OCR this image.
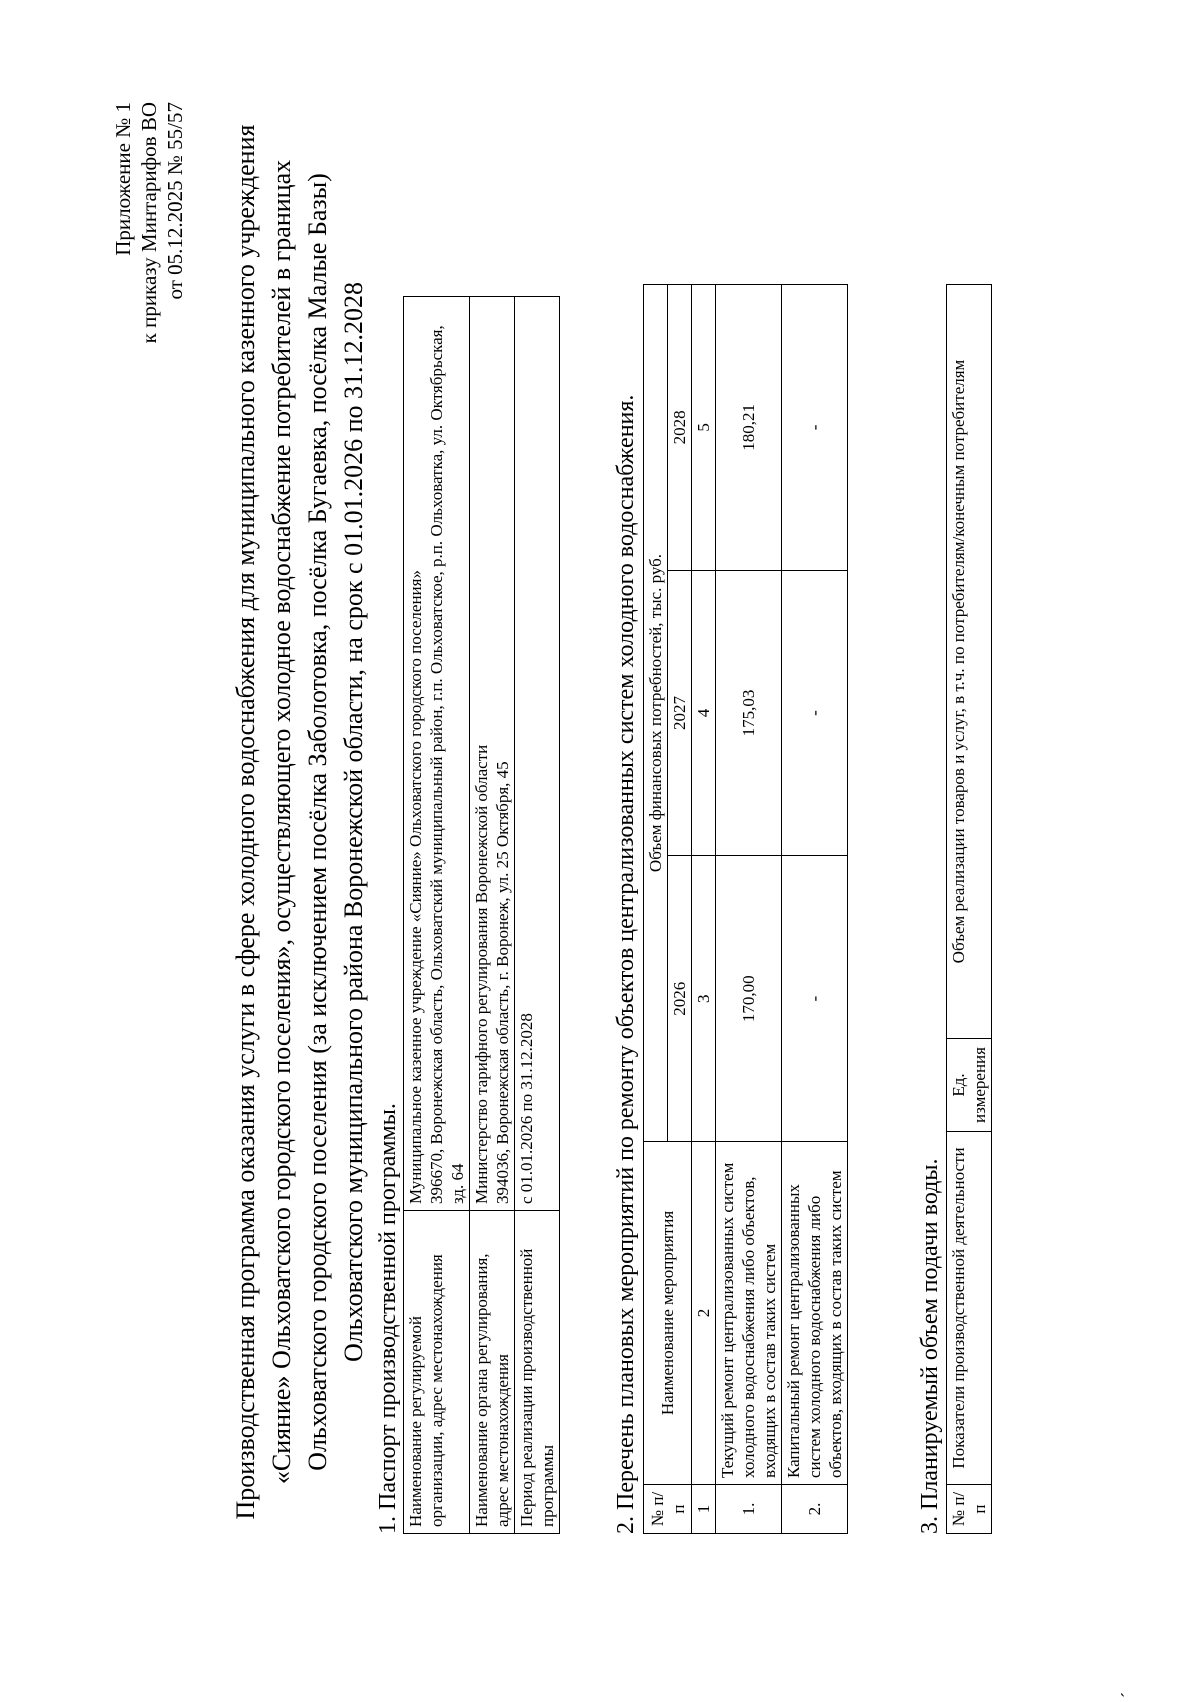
´
Приложение № 1 к приказу Минтарифов ВО от 05.12.2025 № 55/57 Производственная программа оказания услуги в сфере холодного водоснабжения для муниципального казенного учреждения «Сияние» Ольховатского городского поселения», осуществляющего холодное водоснабжение потребителей в границах Ольховатского городского поселения (за исключением посёлка Заболотовка, посёлка Бугаевка, посёлка Малые Базы) Ольховатского муниципального района Воронежской области, на срок с 01.01.2026 по 31.12.2028 1. Паспорт производственной программы. Наименование регулируемой организации, адрес местонахождения	Муниципальное казенное учреждение «Сияние» Ольховатского городского поселения» 396670, Воронежская область, Ольховатский муниципальный район, г.п. Ольховатское, р.п. Ольховатка, ул. Октябрьская, зд. 64

Наименование органа регулирования, адрес местонахождения	Министерство тарифного регулирования Воронежской области 394036, Воронежская область, г. Воронеж, ул. 25 Октября, 45

Период реализации производственной программы	с 01.01.2026 по 31.12.2028	2. Перечень плановых мероприятий по ремонту объектов централизованных систем холодного водоснабжения. № п/п	Наименование мероприятия	Объем финансовых потребностей, тыс. руб.		
		2026	2027	2028
1	2	3	4	5
1.	Текущий ремонт централизованных систем холодного водоснабжения либо объектов, входящих в состав таких систем	170,00	175,03	180,21
2.	Капитальный ремонт централизованных систем холодного водоснабжения либо объектов, входящих в состав таких систем	-	-	-
3. Планируемый объем подачи воды. № п/п	Показатели производственной деятельности	Ед. измерения	Объем реализации товаров и услуг, в т.ч. по потребителям/конечным потребителям
